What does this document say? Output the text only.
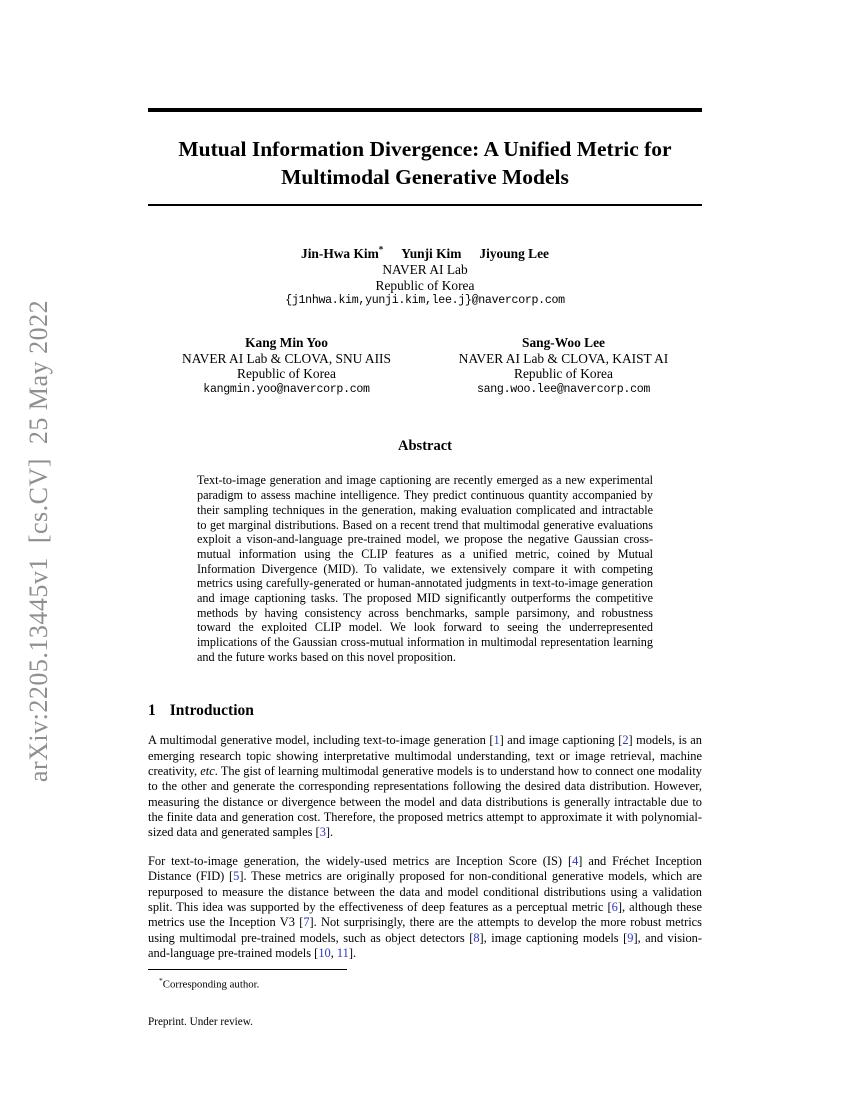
arXiv:2205.13445v1  [cs.CV]  25 May 2022
Mutual Information Divergence: A Unified Metric for
Multimodal Generative Models
Jin-Hwa Kim* Yunji Kim Jiyoung Lee
NAVER AI Lab
Republic of Korea
{j1nhwa.kim,yunji.kim,lee.j}@navercorp.com
Kang Min Yoo
NAVER AI Lab & CLOVA, SNU AIIS
Republic of Korea
kangmin.yoo@navercorp.com
Sang-Woo Lee
NAVER AI Lab & CLOVA, KAIST AI
Republic of Korea
sang.woo.lee@navercorp.com
Abstract

Text-to-image generation and image captioning are recently emerged as a new experimental paradigm to assess machine intelligence. They predict continuous quantity accompanied by their sampling techniques in the generation, making evaluation complicated and intractable to get marginal distributions. Based on a recent trend that multimodal generative evaluations exploit a vison-and-language pre-trained model, we propose the negative Gaussian cross-mutual information using the CLIP features as a unified metric, coined by Mutual Information Divergence (MID). To validate, we extensively compare it with competing metrics using carefully-generated or human-annotated judgments in text-to-image generation and image captioning tasks. The proposed MID significantly outperforms the competitive methods by having consistency across benchmarks, sample parsimony, and robustness toward the exploited CLIP model. We look forward to seeing the underrepresented implications of the Gaussian cross-mutual information in multimodal representation learning and the future works based on this novel proposition.

1 Introduction

A multimodal generative model, including text-to-image generation [1] and image captioning [2] models, is an emerging research topic showing interpretative multimodal understanding, text or image retrieval, machine creativity, etc. The gist of learning multimodal generative models is to understand how to connect one modality to the other and generate the corresponding representations following the desired data distribution. However, measuring the distance or divergence between the model and data distributions is generally intractable due to the finite data and generation cost. Therefore, the proposed metrics attempt to approximate it with polynomial-sized data and generated samples [3].

For text-to-image generation, the widely-used metrics are Inception Score (IS) [4] and Fréchet Inception Distance (FID) [5]. These metrics are originally proposed for non-conditional generative models, which are repurposed to measure the distance between the data and model conditional distributions using a validation split. This idea was supported by the effectiveness of deep features as a perceptual metric [6], although these metrics use the Inception V3 [7]. Not surprisingly, there are the attempts to develop the more robust metrics using multimodal pre-trained models, such as object detectors [8], image captioning models [9], and vision-and-language pre-trained models [10, 11].

*Corresponding author.
Preprint. Under review.
